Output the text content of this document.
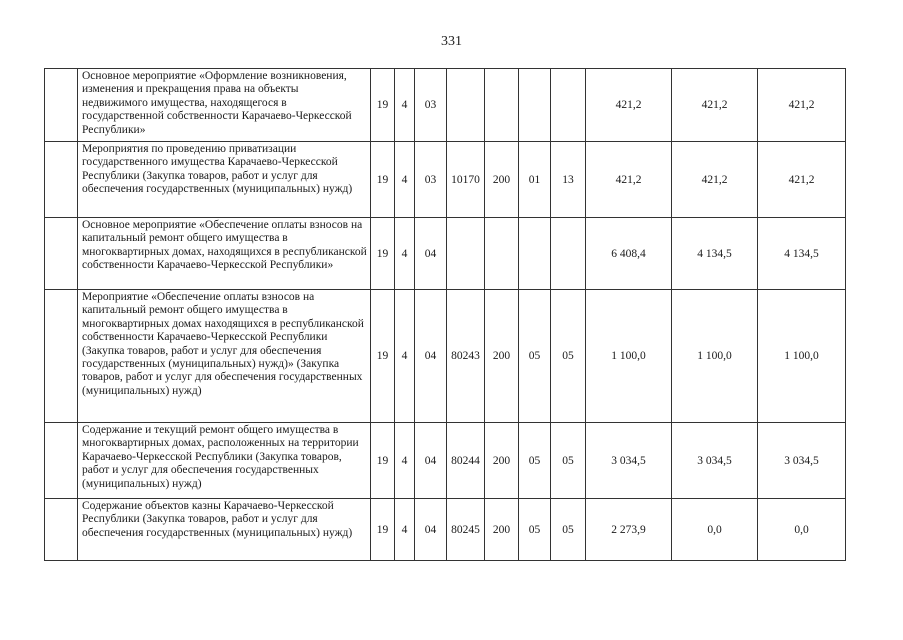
331
	Основное мероприятие «Оформление возникновения, изменения и прекращения права на объекты недвижимого имущества, находящегося в государственной собственности Карачаево-Черкесской Республики»	19	4	03					421,2	421,2	421,2
	Мероприятия по проведению приватизации государственного имущества Карачаево-Черкесской Республики (Закупка товаров, работ и услуг для обеспечения государственных (муниципальных) нужд)	19	4	03	10170	200	01	13	421,2	421,2	421,2
	Основное мероприятие «Обеспечение оплаты взносов на капитальный ремонт общего имущества в многоквартирных домах, находящихся в республиканской собственности Карачаево-Черкесской Республики»	19	4	04					6 408,4	4 134,5	4 134,5
	Мероприятие «Обеспечение оплаты взносов на капитальный ремонт общего имущества в многоквартирных домах находящихся в республиканской собственности Карачаево-Черкесской Республики (Закупка товаров, работ и услуг для обеспечения государственных (муниципальных) нужд)» (Закупка товаров, работ и услуг для обеспечения государственных (муниципальных) нужд)	19	4	04	80243	200	05	05	1 100,0	1 100,0	1 100,0
	Содержание и текущий ремонт общего имущества в многоквартирных домах, расположенных на территории Карачаево-Черкесской Республики (Закупка товаров, работ и услуг для обеспечения государственных (муниципальных) нужд)	19	4	04	80244	200	05	05	3 034,5	3 034,5	3 034,5
	Содержание объектов казны Карачаево-Черкесской Республики (Закупка товаров, работ и услуг для обеспечения государственных (муниципальных) нужд)	19	4	04	80245	200	05	05	2 273,9	0,0	0,0
